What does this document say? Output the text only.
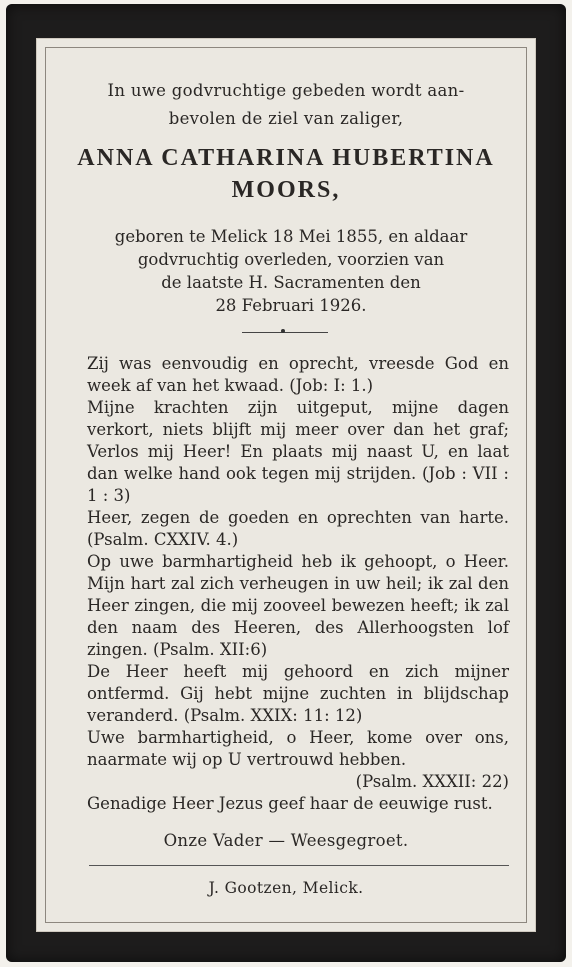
In uwe godvruchtige gebeden wordt aan-
bevolen de ziel van zaliger,
ANNA CATHARINA HUBERTINA
MOORS,
geboren te Melick 18 Mei 1855, en aldaar
godvruchtig overleden, voorzien van
de laatste H. Sacramenten den
28 Februari 1926.

Zij was eenvoudig en oprecht, vreesde God en week af van het kwaad. (Job: I: 1.)

Mijne krachten zijn uitgeput, mijne dagen verkort, niets blijft mij meer over dan het graf; Verlos mij Heer! En plaats mij naast U, en laat dan welke hand ook tegen mij strijden. (Job : VII : 1 : 3)

Heer, zegen de goeden en oprechten van harte. (Psalm. CXXIV. 4.)

Op uwe barmhartigheid heb ik gehoopt, o Heer. Mijn hart zal zich verheugen in uw heil; ik zal den Heer zingen, die mij zooveel bewezen heeft; ik zal den naam des Heeren, des Allerhoogsten lof zingen. (Psalm. XII:6)

De Heer heeft mij gehoord en zich mijner ontfermd. Gij hebt mijne zuchten in blijdschap veranderd. (Psalm. XXIX: 11: 12)

Uwe barmhartigheid, o Heer, kome over ons, naarmate wij op U vertrouwd hebben.

(Psalm. XXXII: 22)

Genadige Heer Jezus geef haar de eeuwige rust.

Onze Vader — Weesgegroet.
J. Gootzen, Melick.
